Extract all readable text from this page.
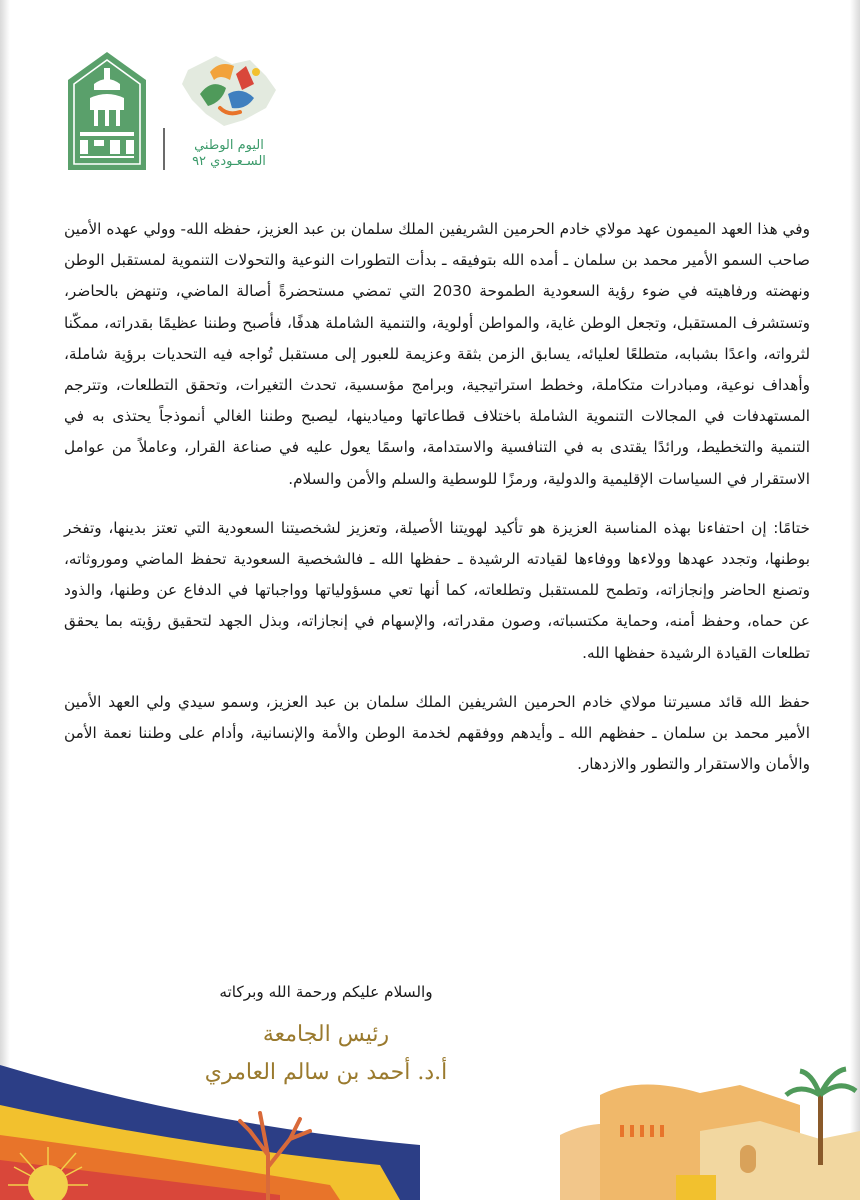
اليوم الوطني
السـعـودي ٩٢

وفي هذا العهد الميمون عهد مولاي خادم الحرمين الشريفين الملك سلمان بن عبد العزيز، حفظه الله- وولي عهده الأمين صاحب السمو الأمير محمد بن سلمان ـ أمده الله بتوفيقه ـ بدأت التطورات النوعية والتحولات التنموية لمستقبل الوطن ونهضته ورفاهيته في ضوء رؤية السعودية الطموحة 2030 التي تمضي مستحضرةً أصالة الماضي، وتنهض بالحاضر، وتستشرف المستقبل، وتجعل الوطن غاية، والمواطن أولوية، والتنمية الشاملة هدفًا، فأصبح وطننا عظيمًا بقدراته، ممكّنا لثرواته، واعدًا بشبابه، متطلعًا لعليائه، يسابق الزمن بثقة وعزيمة للعبور إلى مستقبل تُواجه فيه التحديات برؤية شاملة، وأهداف نوعية، ومبادرات متكاملة، وخطط استراتيجية، وبرامج مؤسسية، تحدث التغيرات، وتحقق التطلعات، وتترجم المستهدفات في المجالات التنموية الشاملة باختلاف قطاعاتها وميادينها، ليصبح وطننا الغالي أنموذجاً يحتذى به في التنمية والتخطيط، ورائدًا يقتدى به في التنافسية والاستدامة، واسمًا يعول عليه في صناعة القرار، وعاملاً من عوامل الاستقرار في السياسات الإقليمية والدولية، ورمزًا للوسطية والسلم والأمن والسلام.

ختامًا: إن احتفاءنا بهذه المناسبة العزيزة هو تأكيد لهويتنا الأصيلة، وتعزيز لشخصيتنا السعودية التي تعتز بدينها، وتفخر بوطنها، وتجدد عهدها وولاءها ووفاءها لقيادته الرشيدة ـ حفظها الله ـ فالشخصية السعودية تحفظ الماضي وموروثاته، وتصنع الحاضر وإنجازاته، وتطمح للمستقبل وتطلعاته، كما أنها تعي مسؤولياتها وواجباتها في الدفاع عن وطنها، والذود عن حماه، وحفظ أمنه، وحماية مكتسباته، وصون مقدراته، والإسهام في إنجازاته، وبذل الجهد لتحقيق رؤيته بما يحقق تطلعات القيادة الرشيدة حفظها الله.

حفظ الله قائد مسيرتنا مولاي خادم الحرمين الشريفين الملك سلمان بن عبد العزيز، وسمو سيدي ولي العهد الأمين الأمير محمد بن سلمان ـ حفظهم الله ـ وأيدهم ووفقهم لخدمة الوطن والأمة والإنسانية، وأدام على وطننا نعمة الأمن والأمان والاستقرار والتطور والازدهار.

والسلام عليكم ورحمة الله وبركاته
رئيس الجامعة
أ.د. أحمد بن سالم العامري
